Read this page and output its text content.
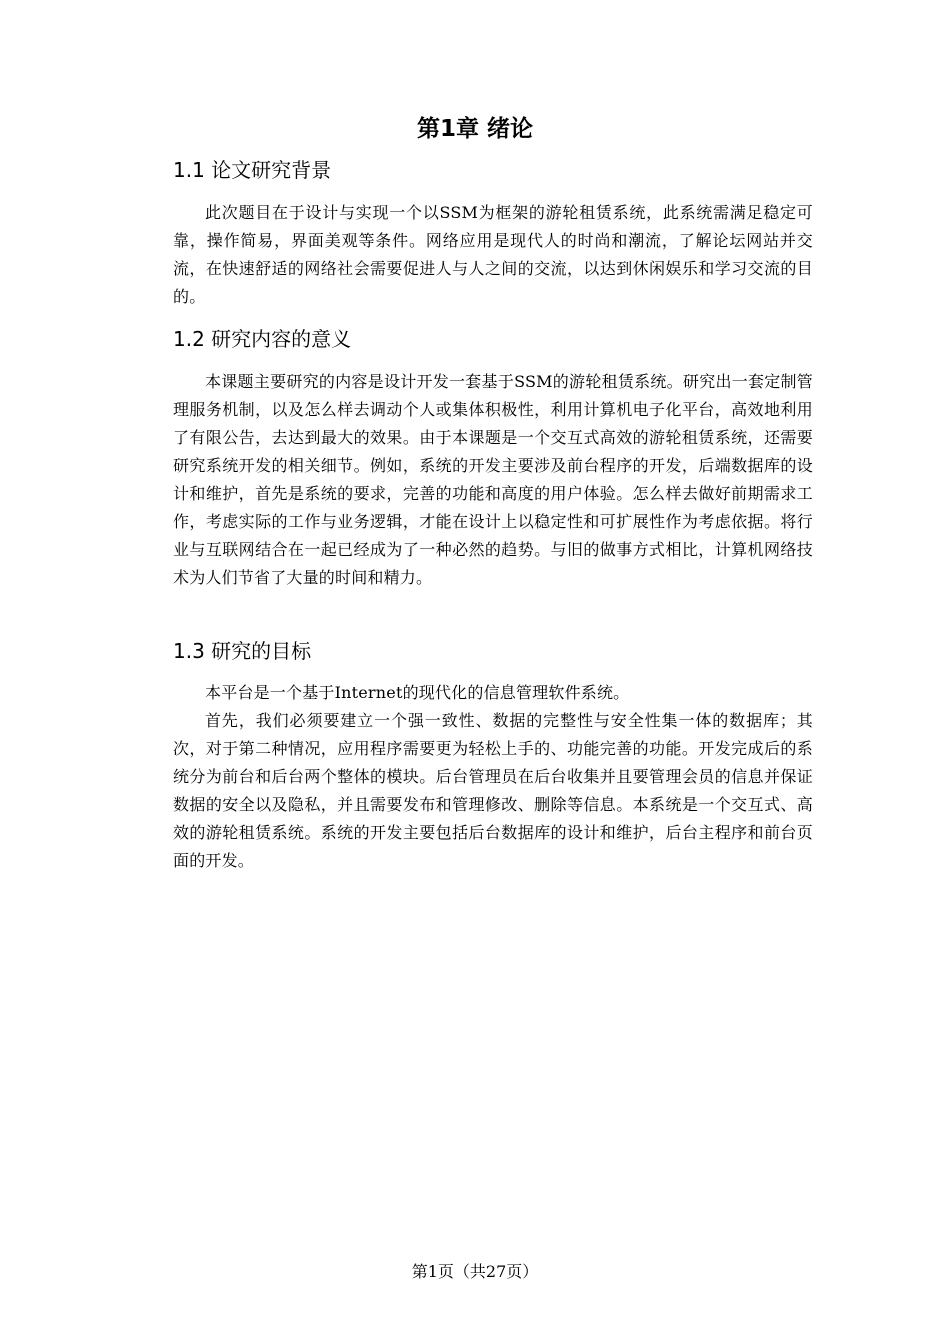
第1章 绪论
1.1 论文研究背景

此次题目在于设计与实现一个以SSM为框架的游轮租赁系统，此系统需满足稳定可靠，操作简易，界面美观等条件。网络应用是现代人的时尚和潮流，了解论坛网站并交流，在快速舒适的网络社会需要促进人与人之间的交流，以达到休闲娱乐和学习交流的目的。

1.2 研究内容的意义

本课题主要研究的内容是设计开发一套基于SSM的游轮租赁系统。研究出一套定制管理服务机制，以及怎么样去调动个人或集体积极性，利用计算机电子化平台，高效地利用了有限公告，去达到最大的效果。由于本课题是一个交互式高效的游轮租赁系统，还需要研究系统开发的相关细节。例如，系统的开发主要涉及前台程序的开发，后端数据库的设计和维护，首先是系统的要求，完善的功能和高度的用户体验。怎么样去做好前期需求工作，考虑实际的工作与业务逻辑，才能在设计上以稳定性和可扩展性作为考虑依据。将行业与互联网结合在一起已经成为了一种必然的趋势。与旧的做事方式相比，计算机网络技术为人们节省了大量的时间和精力。

1.3 研究的目标

本平台是一个基于Internet的现代化的信息管理软件系统。

首先，我们必须要建立一个强一致性、数据的完整性与安全性集一体的数据库；其次，对于第二种情况，应用程序需要更为轻松上手的、功能完善的功能。开发完成后的系统分为前台和后台两个整体的模块。后台管理员在后台收集并且要管理会员的信息并保证数据的安全以及隐私，并且需要发布和管理修改、删除等信息。本系统是一个交互式、高效的游轮租赁系统。系统的开发主要包括后台数据库的设计和维护，后台主程序和前台页面的开发。

第1页（共27页）
